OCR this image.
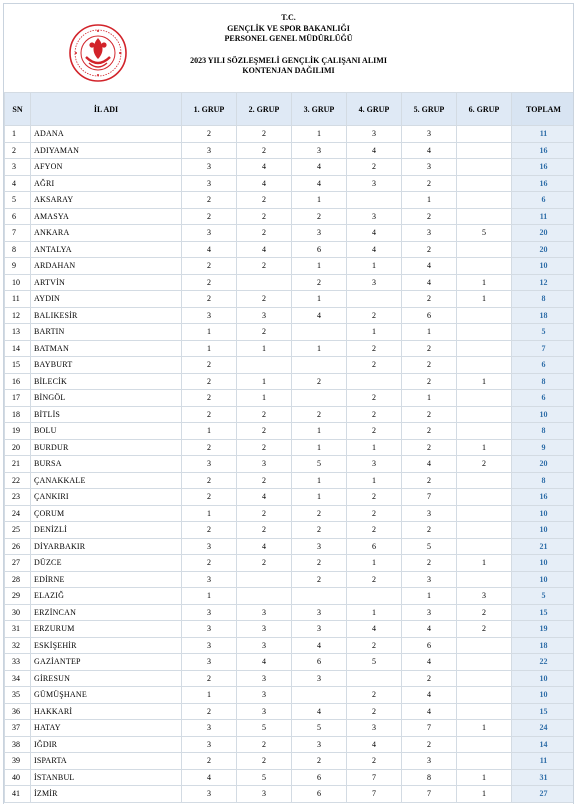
T.C.
GENÇLİK VE SPOR BAKANLIĞI
PERSONEL GENEL MÜDÜRLÜĞÜ
2023 YILI SÖZLEŞMELİ GENÇLİK ÇALIŞANI ALIMI
KONTENJAN DAĞILIMI
SN	İL ADI	1. GRUP	2. GRUP	3. GRUP	4. GRUP	5. GRUP	6. GRUP	TOPLAM
1	ADANA	2	2	1	3	3		11
2	ADIYAMAN	3	2	3	4	4		16
3	AFYON	3	4	4	2	3		16
4	AĞRI	3	4	4	3	2		16
5	AKSARAY	2	2	1		1		6
6	AMASYA	2	2	2	3	2		11
7	ANKARA	3	2	3	4	3	5	20
8	ANTALYA	4	4	6	4	2		20
9	ARDAHAN	2	2	1	1	4		10
10	ARTVİN	2		2	3	4	1	12
11	AYDIN	2	2	1		2	1	8
12	BALIKESİR	3	3	4	2	6		18
13	BARTIN	1	2		1	1		5
14	BATMAN	1	1	1	2	2		7
15	BAYBURT	2			2	2		6
16	BİLECİK	2	1	2		2	1	8
17	BİNGÖL	2	1		2	1		6
18	BİTLİS	2	2	2	2	2		10
19	BOLU	1	2	1	2	2		8
20	BURDUR	2	2	1	1	2	1	9
21	BURSA	3	3	5	3	4	2	20
22	ÇANAKKALE	2	2	1	1	2		8
23	ÇANKIRI	2	4	1	2	7		16
24	ÇORUM	1	2	2	2	3		10
25	DENİZLİ	2	2	2	2	2		10
26	DİYARBAKIR	3	4	3	6	5		21
27	DÜZCE	2	2	2	1	2	1	10
28	EDİRNE	3		2	2	3		10
29	ELAZIĞ	1				1	3	5
30	ERZİNCAN	3	3	3	1	3	2	15
31	ERZURUM	3	3	3	4	4	2	19
32	ESKİŞEHİR	3	3	4	2	6		18
33	GAZİANTEP	3	4	6	5	4		22
34	GİRESUN	2	3	3		2		10
35	GÜMÜŞHANE	1	3		2	4		10
36	HAKKARİ	2	3	4	2	4		15
37	HATAY	3	5	5	3	7	1	24
38	IĞDIR	3	2	3	4	2		14
39	ISPARTA	2	2	2	2	3		11
40	İSTANBUL	4	5	6	7	8	1	31
41	İZMİR	3	3	6	7	7	1	27
